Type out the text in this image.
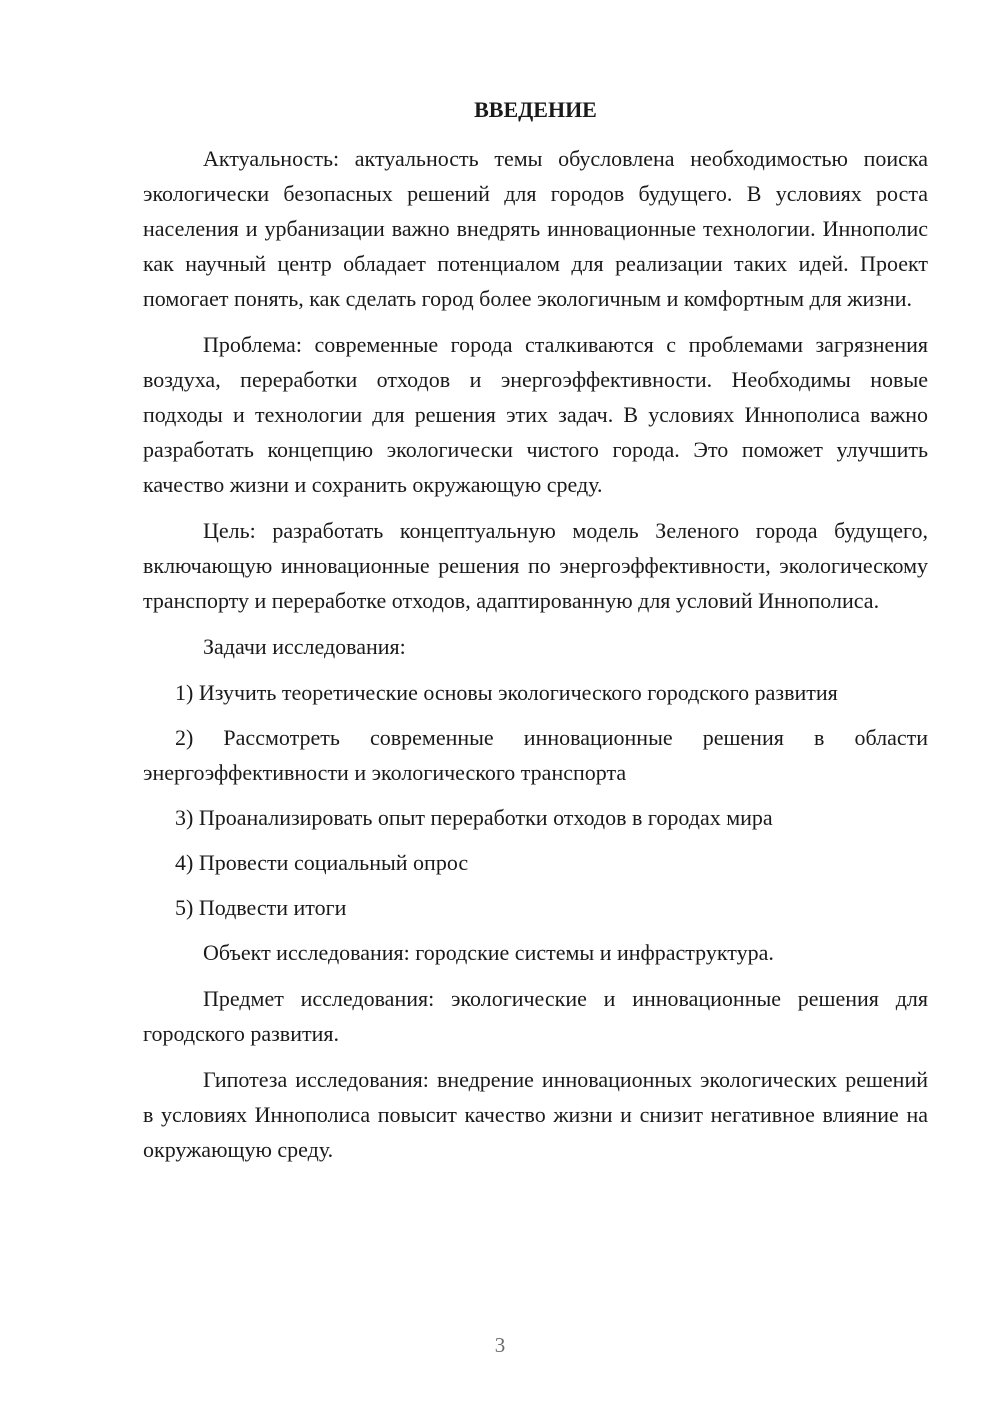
ВВЕДЕНИЕ

Актуальность: актуальность темы обусловлена необходимостью поиска экологически безопасных решений для городов будущего. В условиях роста населения и урбанизации важно внедрять инновационные технологии. Иннополис как научный центр обладает потенциалом для реализации таких идей. Проект помогает понять, как сделать город более экологичным и комфортным для жизни.

Проблема: современные города сталкиваются с проблемами загрязнения воздуха, переработки отходов и энергоэффективности. Необходимы новые подходы и технологии для решения этих задач. В условиях Иннополиса важно разработать концепцию экологически чистого города. Это поможет улучшить качество жизни и сохранить окружающую среду.

Цель: разработать концептуальную модель Зеленого города будущего, включающую инновационные решения по энергоэффективности, экологическому транспорту и переработке отходов, адаптированную для условий Иннополиса.

Задачи исследования:

1) Изучить теоретические основы экологического городского развития

2) Рассмотреть современные инновационные решения в области энергоэффективности и экологического транспорта

3) Проанализировать опыт переработки отходов в городах мира

4) Провести социальный опрос

5) Подвести итоги

Объект исследования: городские системы и инфраструктура.

Предмет исследования: экологические и инновационные решения для городского развития.

Гипотеза исследования: внедрение инновационных экологических решений в условиях Иннополиса повысит качество жизни и снизит негативное влияние на окружающую среду.

3
